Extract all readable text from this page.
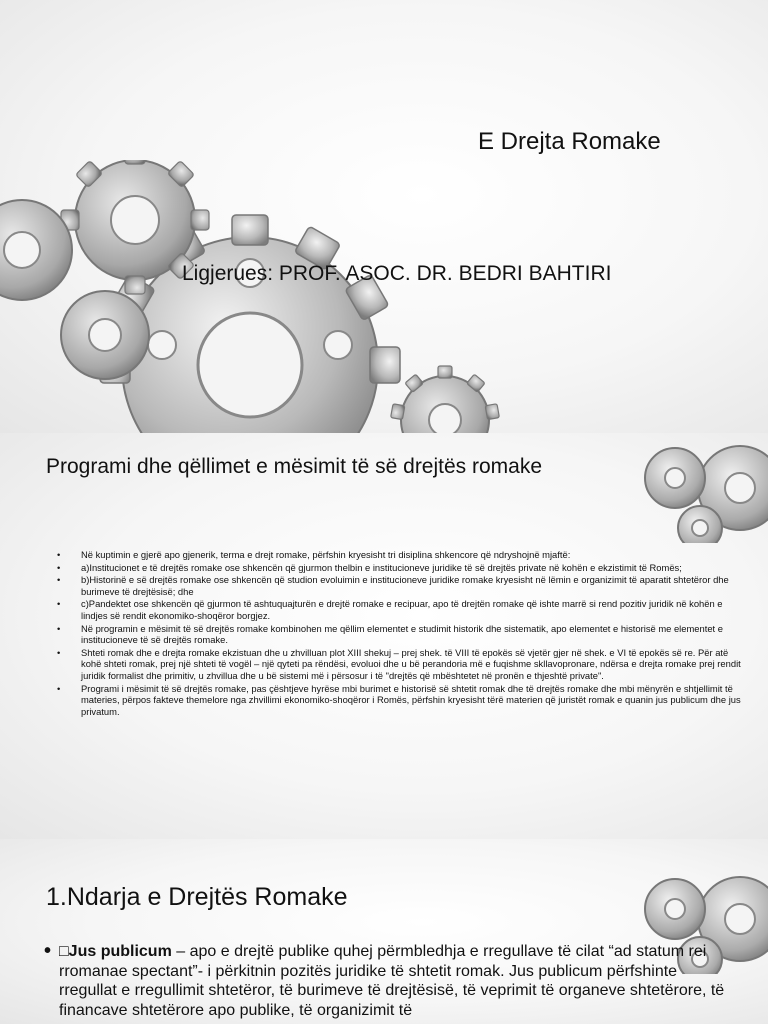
E Drejta Romake
Ligjerues: PROF. ASOC. DR. BEDRI BAHTIRI
Programi dhe qëllimet e mësimit të së drejtës romake
• Në kuptimin e gjerë apo gjenerik, terma e drejt romake, përfshin kryesisht tri disiplina shkencore që ndryshojnë mjaftë:
• a)Institucionet e të drejtës romake ose shkencën që gjurmon thelbin e institucioneve juridike të së drejtës private në kohën e ekzistimit të Romës;
• b)Historinë e së drejtës romake ose shkencën që studion evoluimin e institucioneve juridike romake kryesisht në lëmin e organizimit të aparatit shtetëror dhe burimeve të drejtësisë; dhe
• c)Pandektet ose shkencën që gjurmon të ashtuquajturën e drejtë romake e recipuar, apo të drejtën romake që ishte marrë si rend pozitiv juridik në kohën e lindjes së rendit ekonomiko-shoqëror borgjez.
• Në programin e mësimit të së drejtës romake kombinohen me qëllim elementet e studimit historik dhe sistematik, apo elementet e historisë me elementet e institucioneve të së drejtës romake.
• Shteti romak dhe e drejta romake ekzistuan dhe u zhvilluan plot XIII shekuj – prej shek. të VIII të epokës së vjetër gjer në shek. e VI të epokës së re. Për atë kohë shteti romak, prej një shteti të vogël – një qyteti pa rëndësi, evoluoi dhe u bë perandoria më e fuqishme skllavopronare, ndërsa e drejta romake prej rendit juridik formalist dhe primitiv, u zhvillua dhe u bë sistemi më i përsosur i të "drejtës që mbështetet në pronën e thjeshtë private".
• Programi i mësimit të së drejtës romake, pas çështjeve hyrëse mbi burimet e historisë së shtetit romak dhe të drejtës romake dhe mbi mënyrën e shtjellimit të materies, përpos fakteve themelore nga zhvillimi ekonomiko-shoqëror i Romës, përfshin kryesisht tërë materien që juristët romak e quanin jus publicum dhe jus privatum.
1.Ndarja e Drejtës Romake
• □Jus publicum – apo e drejtë publike quhej përmbledhja e rregullave të cilat “ad statum rei rromanae spectant”- i përkitnin pozitës juridike të shtetit romak. Jus publicum përfshinte rregullat e rregullimit shtetëror, të burimeve të drejtësisë, të veprimit të organeve shtetërore, të financave shtetërore apo publike, të organizimit të
